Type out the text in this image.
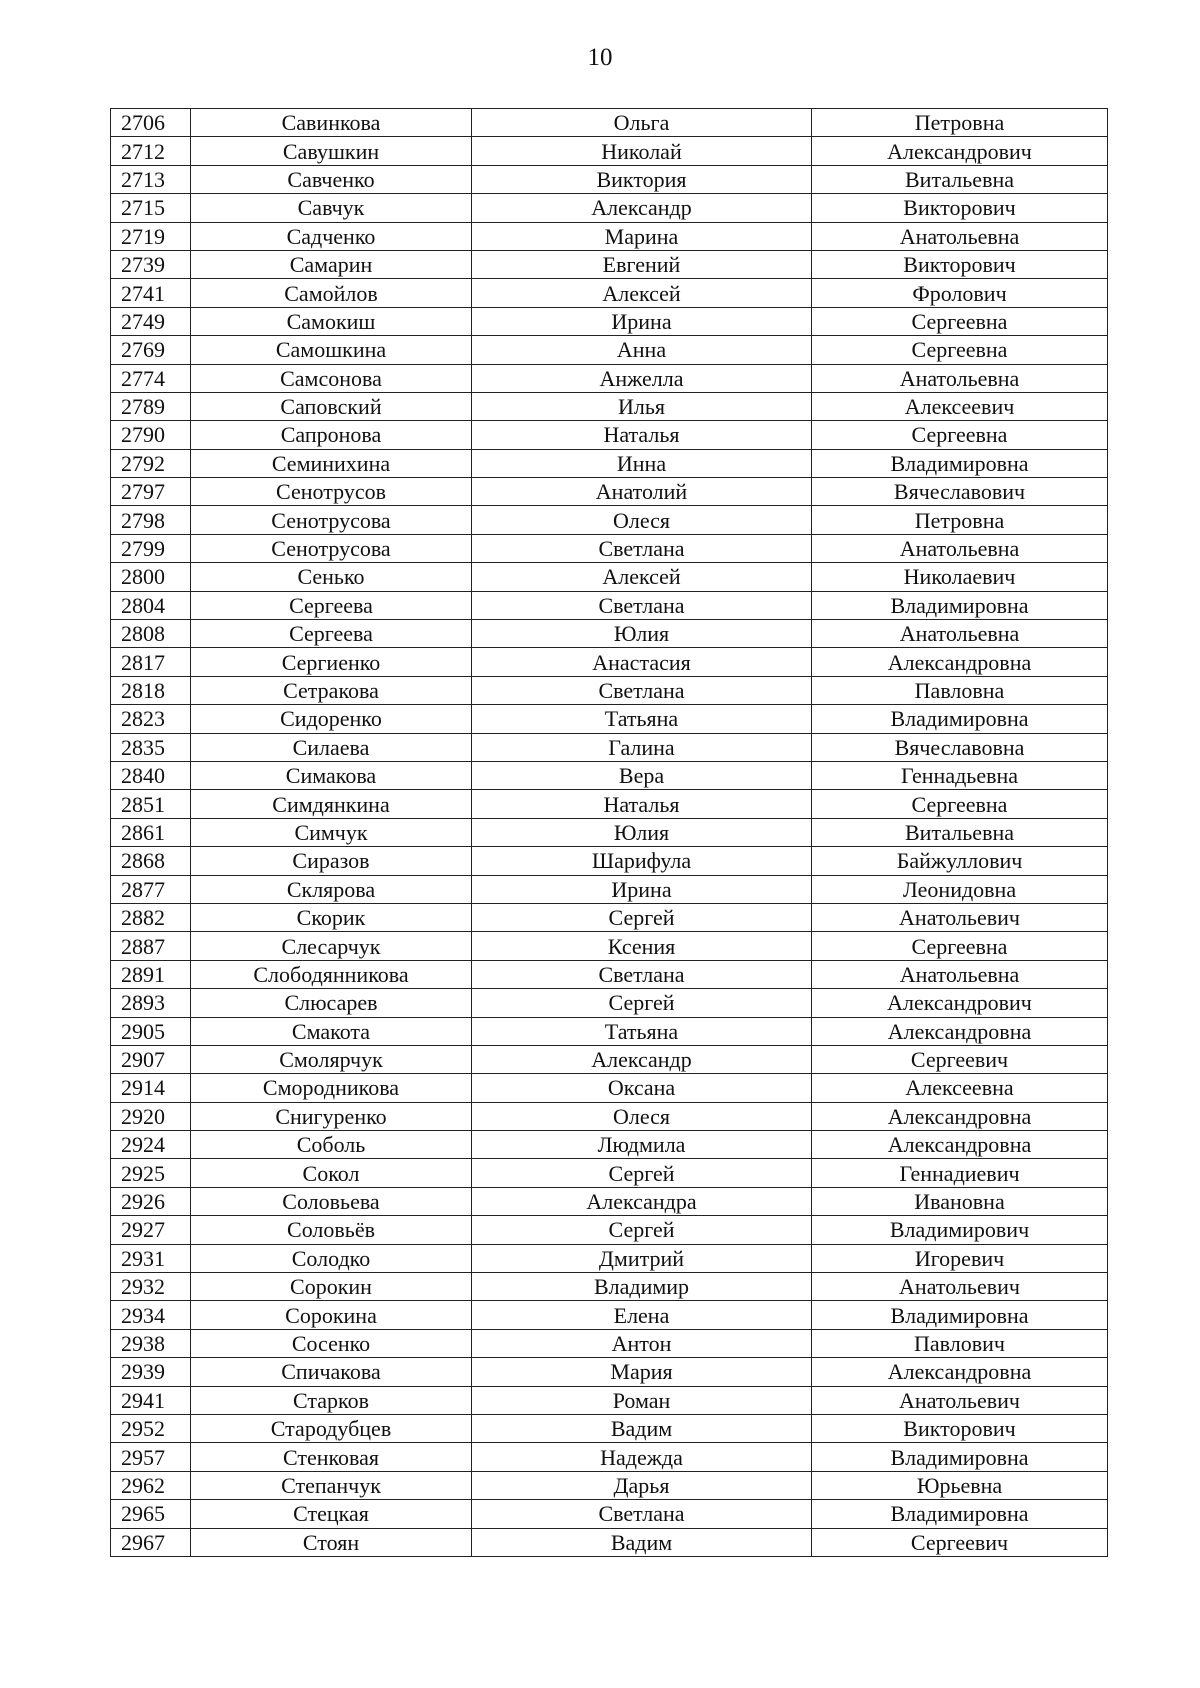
10
2706	Савинкова	Ольга	Петровна
2712	Савушкин	Николай	Александрович
2713	Савченко	Виктория	Витальевна
2715	Савчук	Александр	Викторович
2719	Садченко	Марина	Анатольевна
2739	Самарин	Евгений	Викторович
2741	Самойлов	Алексей	Фролович
2749	Самокиш	Ирина	Сергеевна
2769	Самошкина	Анна	Сергеевна
2774	Самсонова	Анжелла	Анатольевна
2789	Саповский	Илья	Алексеевич
2790	Сапронова	Наталья	Сергеевна
2792	Семинихина	Инна	Владимировна
2797	Сенотрусов	Анатолий	Вячеславович
2798	Сенотрусова	Олеся	Петровна
2799	Сенотрусова	Светлана	Анатольевна
2800	Сенько	Алексей	Николаевич
2804	Сергеева	Светлана	Владимировна
2808	Сергеева	Юлия	Анатольевна
2817	Сергиенко	Анастасия	Александровна
2818	Сетракова	Светлана	Павловна
2823	Сидоренко	Татьяна	Владимировна
2835	Силаева	Галина	Вячеславовна
2840	Симакова	Вера	Геннадьевна
2851	Симдянкина	Наталья	Сергеевна
2861	Симчук	Юлия	Витальевна
2868	Сиразов	Шарифула	Байжуллович
2877	Склярова	Ирина	Леонидовна
2882	Скорик	Сергей	Анатольевич
2887	Слесарчук	Ксения	Сергеевна
2891	Слободянникова	Светлана	Анатольевна
2893	Слюсарев	Сергей	Александрович
2905	Смакота	Татьяна	Александровна
2907	Смолярчук	Александр	Сергеевич
2914	Смородникова	Оксана	Алексеевна
2920	Снигуренко	Олеся	Александровна
2924	Соболь	Людмила	Александровна
2925	Сокол	Сергей	Геннадиевич
2926	Соловьева	Александра	Ивановна
2927	Соловьёв	Сергей	Владимирович
2931	Солодко	Дмитрий	Игоревич
2932	Сорокин	Владимир	Анатольевич
2934	Сорокина	Елена	Владимировна
2938	Сосенко	Антон	Павлович
2939	Спичакова	Мария	Александровна
2941	Старков	Роман	Анатольевич
2952	Стародубцев	Вадим	Викторович
2957	Стенковая	Надежда	Владимировна
2962	Степанчук	Дарья	Юрьевна
2965	Стецкая	Светлана	Владимировна
2967	Стоян	Вадим	Сергеевич
